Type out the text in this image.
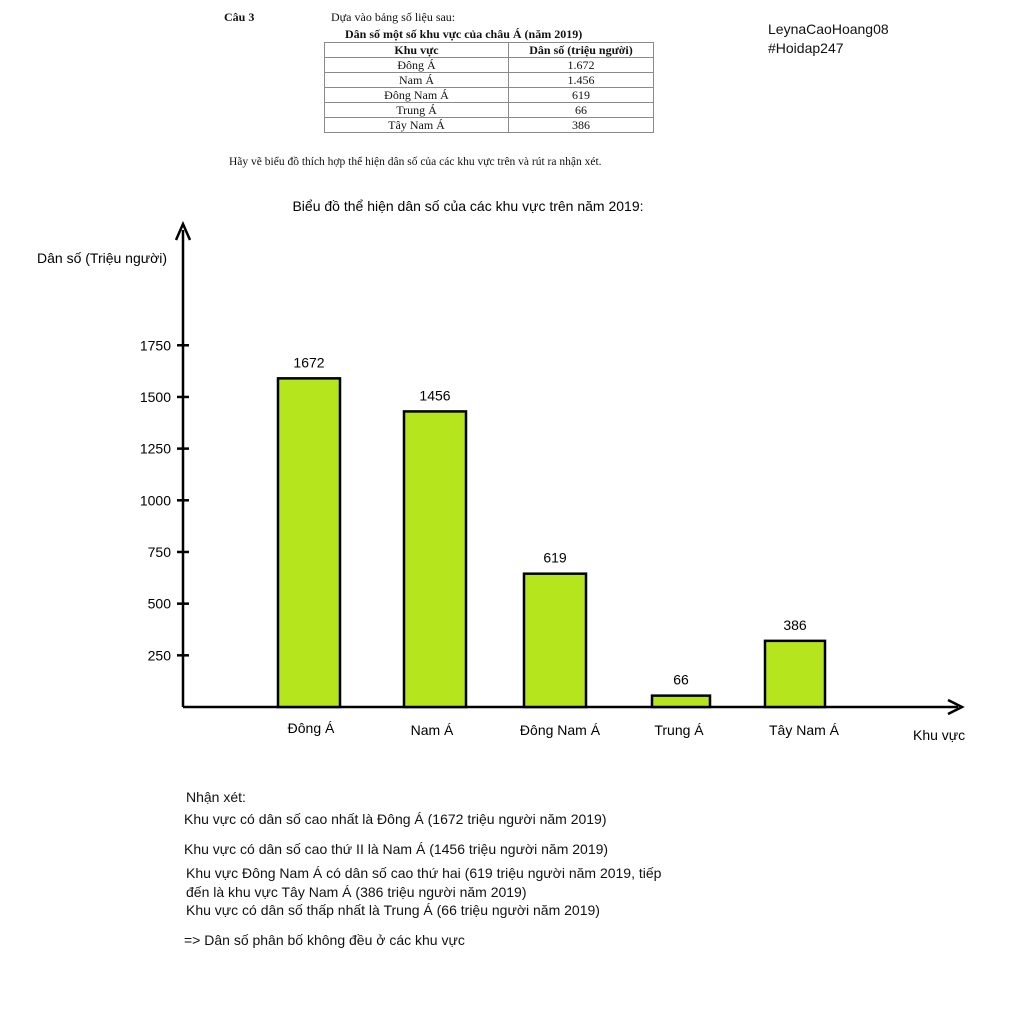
Câu 3	Dựa vào bảng số liệu sau:
Dân số một số khu vực của châu Á (năm 2019)
Khu vực	Dân số (triệu người)
Đông Á	1.672
Nam Á	1.456
Đông Nam Á	619
Trung Á	66
Tây Nam Á	386
Hãy vẽ biểu đồ thích hợp thể hiện dân số của các khu vực trên và rút ra nhận xét.
LeynaCaoHoang08
#Hoidap247
Biểu đồ thể hiện dân số của các khu vực trên năm 2019:
Dân số (Triệu người)
Khu vực
250
500
750
1000
1250
1500
1750
1672
1456
619
66
386
Đông Á	Nam Á	Đông Nam Á	Trung Á	Tây Nam Á
Nhận xét:
Khu vực có dân số cao nhất là Đông Á (1672 triệu người năm 2019)
Khu vực có dân số cao thứ II là Nam Á (1456 triệu người năm 2019)
Khu vực Đông Nam Á có dân số cao thứ hai (619 triệu người năm 2019, tiếp
đến là khu vực Tây Nam Á (386 triệu người năm 2019)
Khu vực có dân số thấp nhất là Trung Á (66 triệu người năm 2019)
=> Dân số phân bố không đều ở các khu vực
